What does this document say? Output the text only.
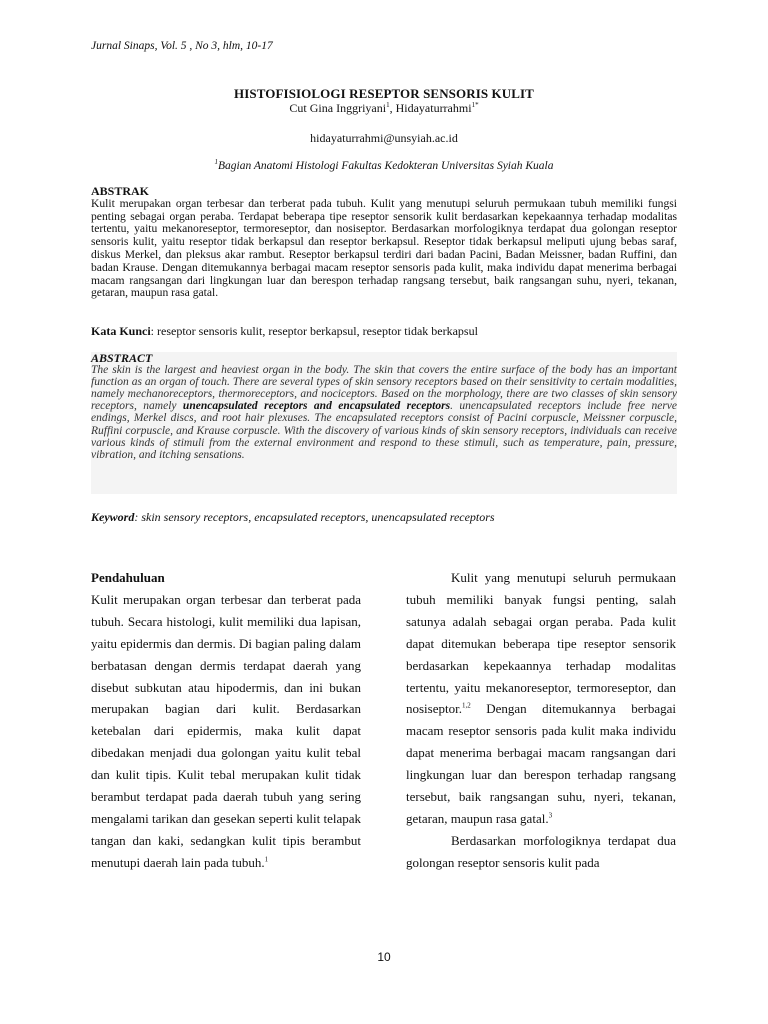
Jurnal Sinaps, Vol. 5 , No 3, hlm, 10-17
HISTOFISIOLOGI RESEPTOR SENSORIS KULIT
Cut Gina Inggriyani$^1$, Hidayaturrahmi$^{1*}$
hidayaturrahmi@unsyiah.ac.id
$^1$Bagian Anatomi Histologi Fakultas Kedokteran Universitas Syiah Kuala
ABSTRAK
Kulit merupakan organ terbesar dan terberat pada tubuh. Kulit yang menutupi seluruh permukaan tubuh memiliki fungsi penting sebagai organ peraba. Terdapat beberapa tipe reseptor sensorik kulit berdasarkan kepekaannya terhadap modalitas tertentu, yaitu mekanoreseptor, termoreseptor, dan nosiseptor. Berdasarkan morfologiknya terdapat dua golongan reseptor sensoris kulit, yaitu reseptor tidak berkapsul dan reseptor berkapsul. Reseptor tidak berkapsul meliputi ujung bebas saraf, diskus Merkel, dan pleksus akar rambut. Reseptor berkapsul terdiri dari badan Pacini, Badan Meissner, badan Ruffini, dan badan Krause. Dengan ditemukannya berbagai macam reseptor sensoris pada kulit, maka individu dapat menerima berbagai macam rangsangan dari lingkungan luar dan berespon terhadap rangsang tersebut, baik rangsangan suhu, nyeri, tekanan, getaran, maupun rasa gatal.
Kata Kunci: reseptor sensoris kulit, reseptor berkapsul, reseptor tidak berkapsul
ABSTRACT
The skin is the largest and heaviest organ in the body. The skin that covers the entire surface of the body has an important function as an organ of touch. There are several types of skin sensory receptors based on their sensitivity to certain modalities, namely mechanoreceptors, thermoreceptors, and nociceptors. Based on the morphology, there are two classes of skin sensory receptors, namely unencapsulated receptors and encapsulated receptors. unencapsulated receptors include free nerve endings, Merkel discs, and root hair plexuses. The encapsulated receptors consist of Pacini corpuscle, Meissner corpuscle, Ruffini corpuscle, and Krause corpuscle. With the discovery of various kinds of skin sensory receptors, individuals can receive various kinds of stimuli from the external environment and respond to these stimuli, such as temperature, pain, pressure, vibration, and itching sensations.
Keyword: skin sensory receptors, encapsulated receptors, unencapsulated receptors
Pendahuluan

Kulit merupakan organ terbesar dan terberat pada tubuh. Secara histologi, kulit memiliki dua lapisan, yaitu epidermis dan dermis. Di bagian paling dalam berbatasan dengan dermis terdapat daerah yang disebut subkutan atau hipodermis, dan ini bukan merupakan bagian dari kulit. Berdasarkan ketebalan dari epidermis, maka kulit dapat dibedakan menjadi dua golongan yaitu kulit tebal dan kulit tipis. Kulit tebal merupakan kulit tidak berambut terdapat pada daerah tubuh yang sering mengalami tarikan dan gesekan seperti kulit telapak tangan dan kaki, sedangkan kulit tipis berambut menutupi daerah lain pada tubuh.$^1$

Kulit yang menutupi seluruh permukaan tubuh memiliki banyak fungsi penting, salah satunya adalah sebagai organ peraba. Pada kulit dapat ditemukan beberapa tipe reseptor sensorik berdasarkan kepekaannya terhadap modalitas tertentu, yaitu mekanoreseptor, termoreseptor, dan nosiseptor.$^{1,2}$ Dengan ditemukannya berbagai macam reseptor sensoris pada kulit maka individu dapat menerima berbagai macam rangsangan dari lingkungan luar dan berespon terhadap rangsang tersebut, baik rangsangan suhu, nyeri, tekanan, getaran, maupun rasa gatal.$^3$

Berdasarkan morfologiknya terdapat dua golongan reseptor sensoris kulit pada

10
